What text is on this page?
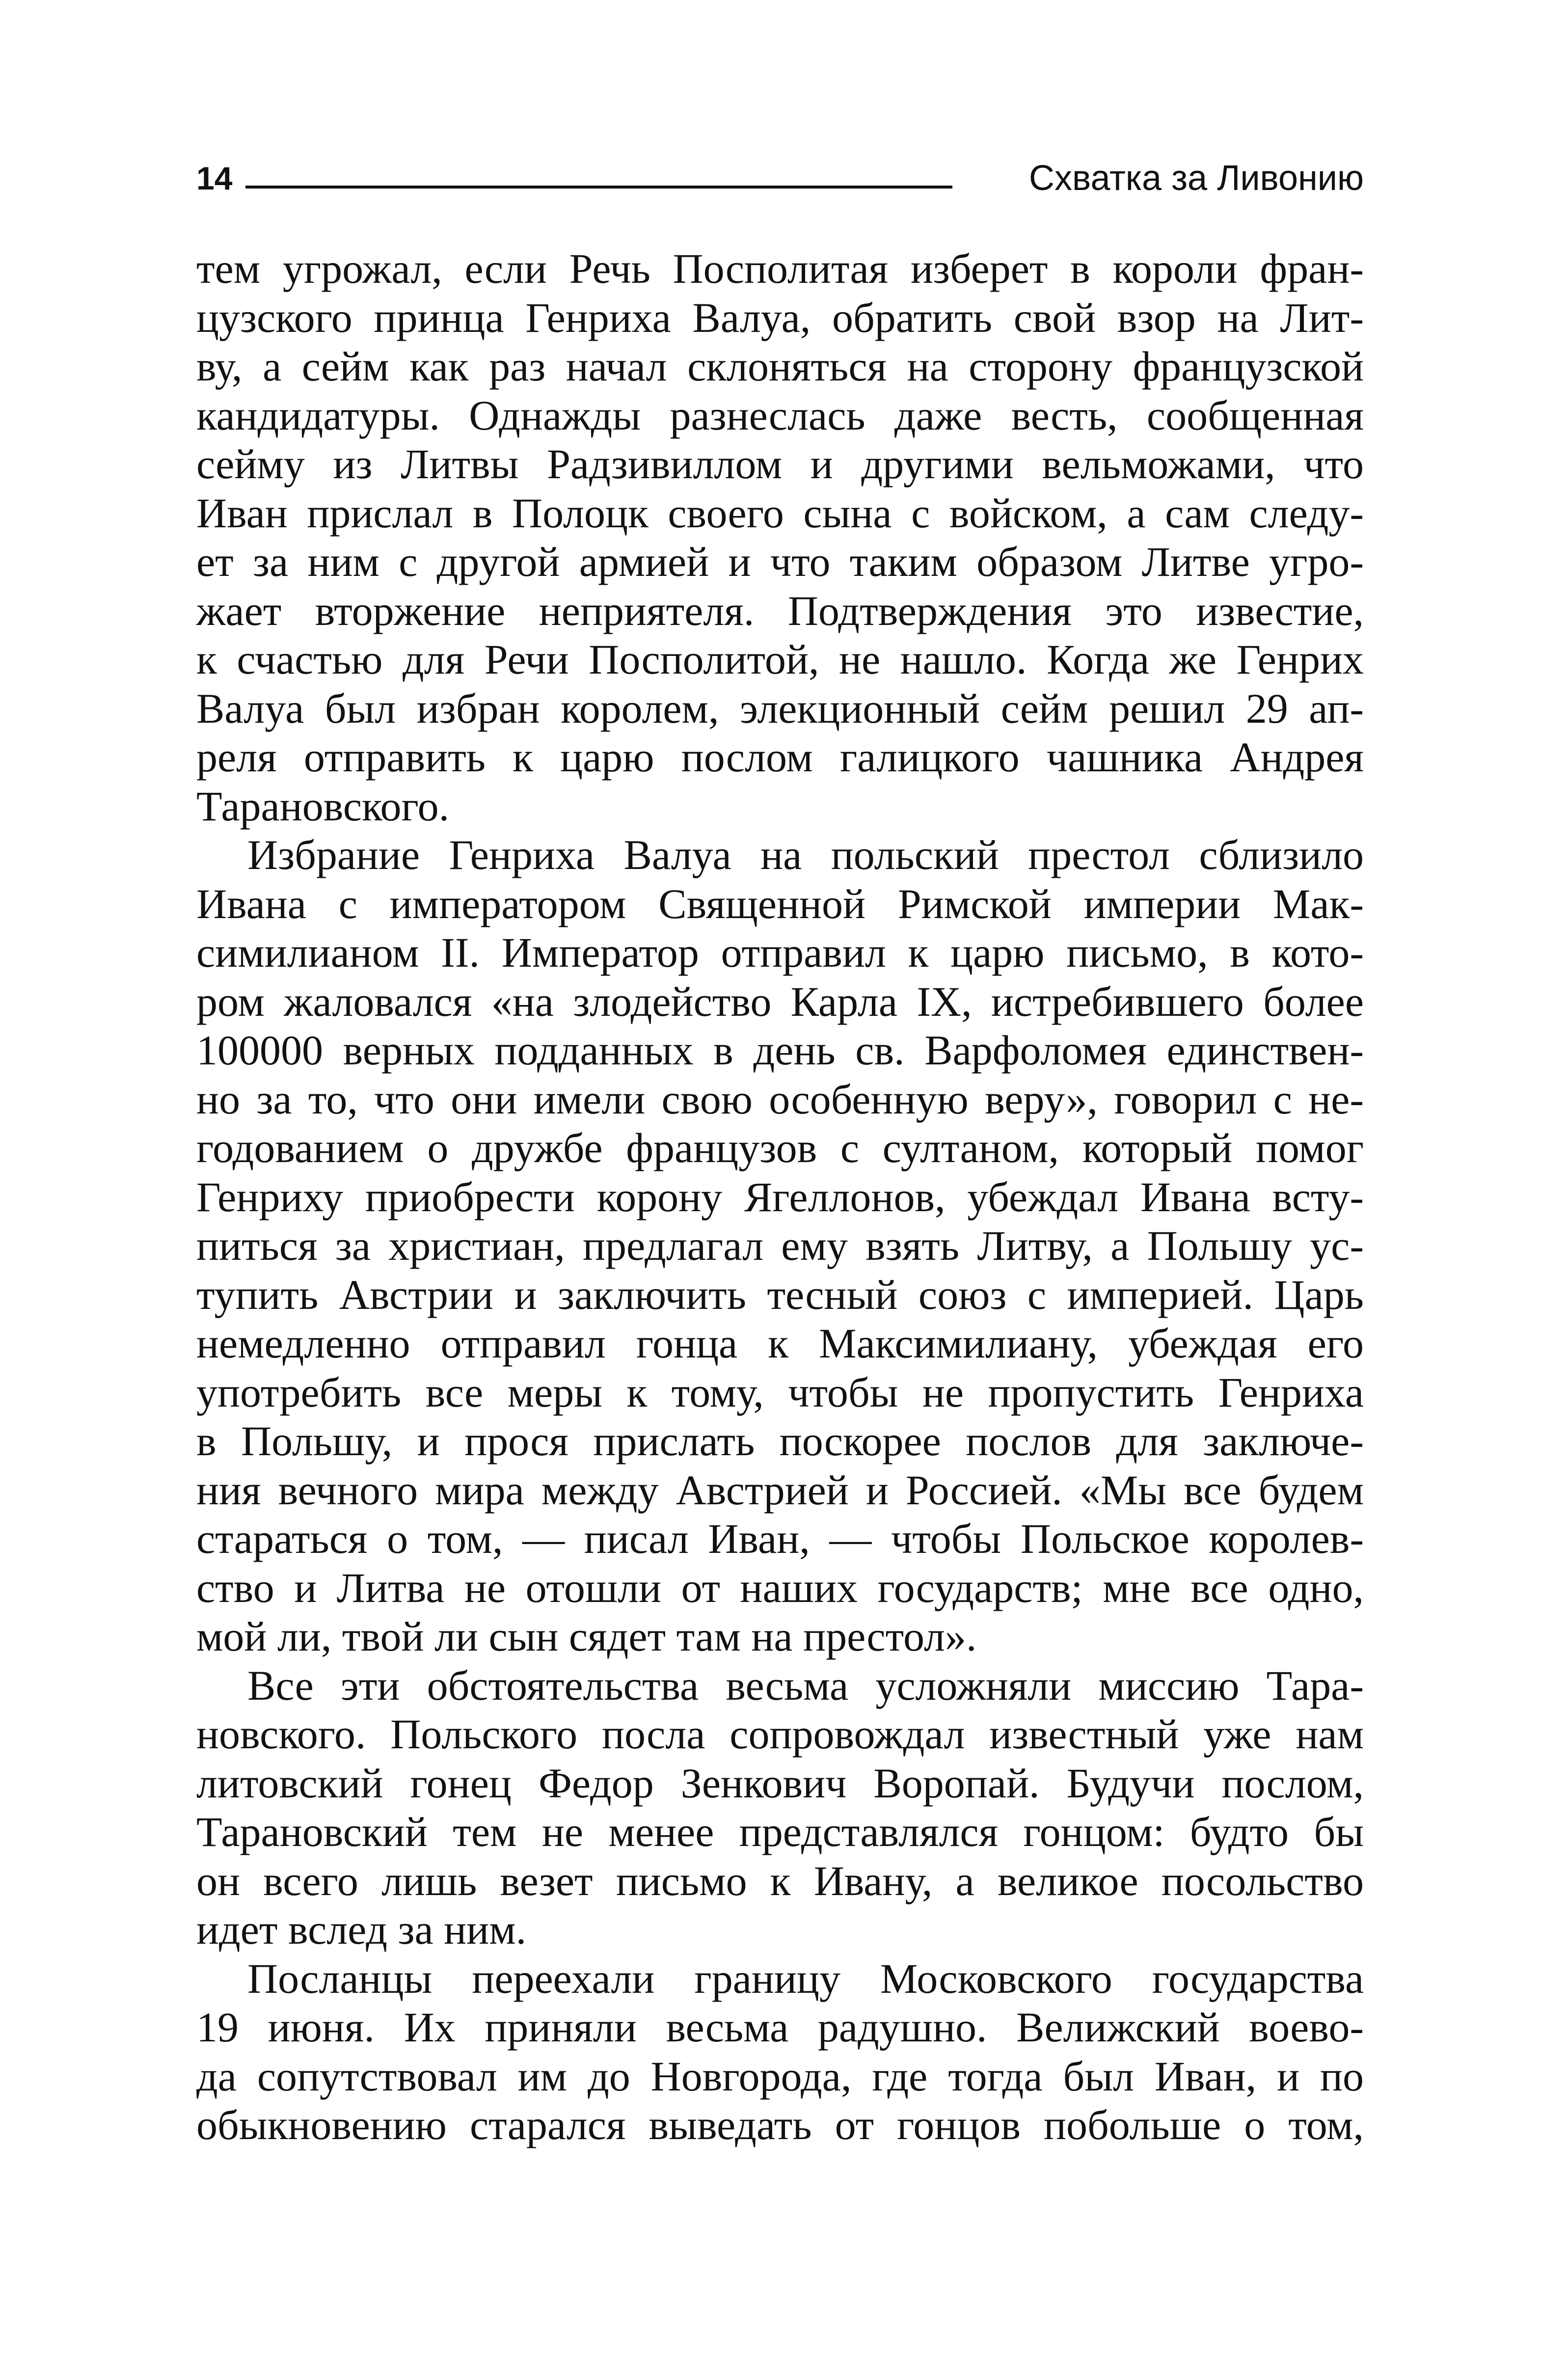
14	Схватка за Ливонию
тем угрожал, если Речь Посполитая изберет в короли фран-
цузского принца Генриха Валуа, обратить свой взор на Лит-
ву, а сейм как раз начал склоняться на сторону французской
кандидатуры. Однажды разнеслась даже весть, сообщенная
сейму из Литвы Радзивиллом и другими вельможами, что
Иван прислал в Полоцк своего сына с войском, а сам следу-
ет за ним с другой армией и что таким образом Литве угро-
жает вторжение неприятеля. Подтверждения это известие,
к счастью для Речи Посполитой, не нашло. Когда же Генрих
Валуа был избран королем, элекционный сейм решил 29 ап-
реля отправить к царю послом галицкого чашника Андрея
Тарановского.
Избрание Генриха Валуа на польский престол сблизило
Ивана с императором Священной Римской империи Мак-
симилианом II. Император отправил к царю письмо, в кото-
ром жаловался «на злодейство Карла IX, истребившего более
100000 верных подданных в день св. Варфоломея единствен-
но за то, что они имели свою особенную веру», говорил с не-
годованием о дружбе французов с султаном, который помог
Генриху приобрести корону Ягеллонов, убеждал Ивана всту-
питься за христиан, предлагал ему взять Литву, а Польшу ус-
тупить Австрии и заключить тесный союз с империей. Царь
немедленно отправил гонца к Максимилиану, убеждая его
употребить все меры к тому, чтобы не пропустить Генриха
в Польшу, и прося прислать поскорее послов для заключе-
ния вечного мира между Австрией и Россией. «Мы все будем
стараться о том, — писал Иван, — чтобы Польское королев-
ство и Литва не отошли от наших государств; мне все одно,
мой ли, твой ли сын сядет там на престол».
Все эти обстоятельства весьма усложняли миссию Тара-
новского. Польского посла сопровождал известный уже нам
литовский гонец Федор Зенкович Воропай. Будучи послом,
Тарановский тем не менее представлялся гонцом: будто бы
он всего лишь везет письмо к Ивану, а великое посольство
идет вслед за ним.
Посланцы переехали границу Московского государства
19 июня. Их приняли весьма радушно. Велижский воево-
да сопутствовал им до Новгорода, где тогда был Иван, и по
обыкновению старался выведать от гонцов побольше о том,
